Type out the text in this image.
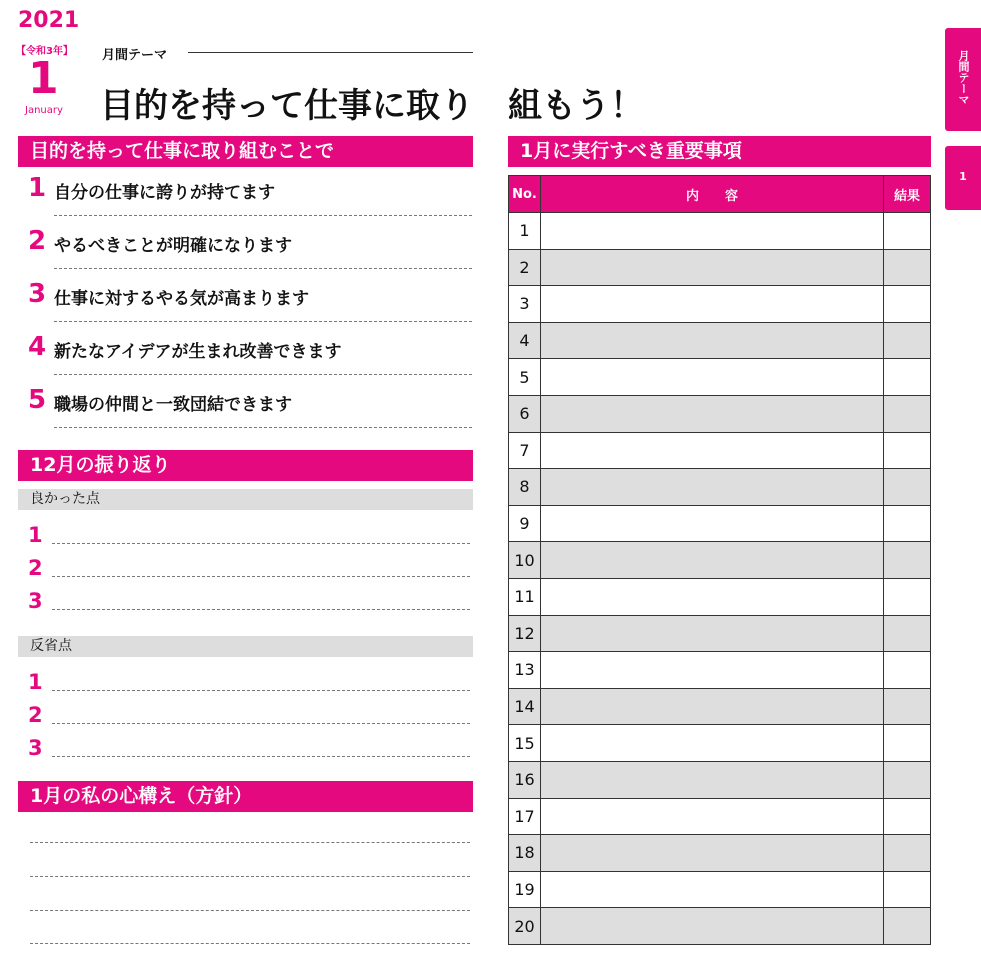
2021
【令和3年】
1
January
月間テーマ
目的を持って仕事に取り　組もう！
目的を持って仕事に取り組むことで
1 自分の仕事に誇りが持てます
2 やるべきことが明確になります
3 仕事に対するやる気が高まります
4 新たなアイデアが生まれ改善できます
5 職場の仲間と一致団結できます
12月の振り返り
良かった点
1
2
3
反省点
1
2
3
1月の私の心構え（方針）
1月に実行すべき重要事項
No.	内　　容	結果
1		
2		
3		
4		
5		
6		
7		
8		
9		
10		
11		
12		
13		
14		
15		
16		
17		
18		
19		
20		
月間テーマ
1
